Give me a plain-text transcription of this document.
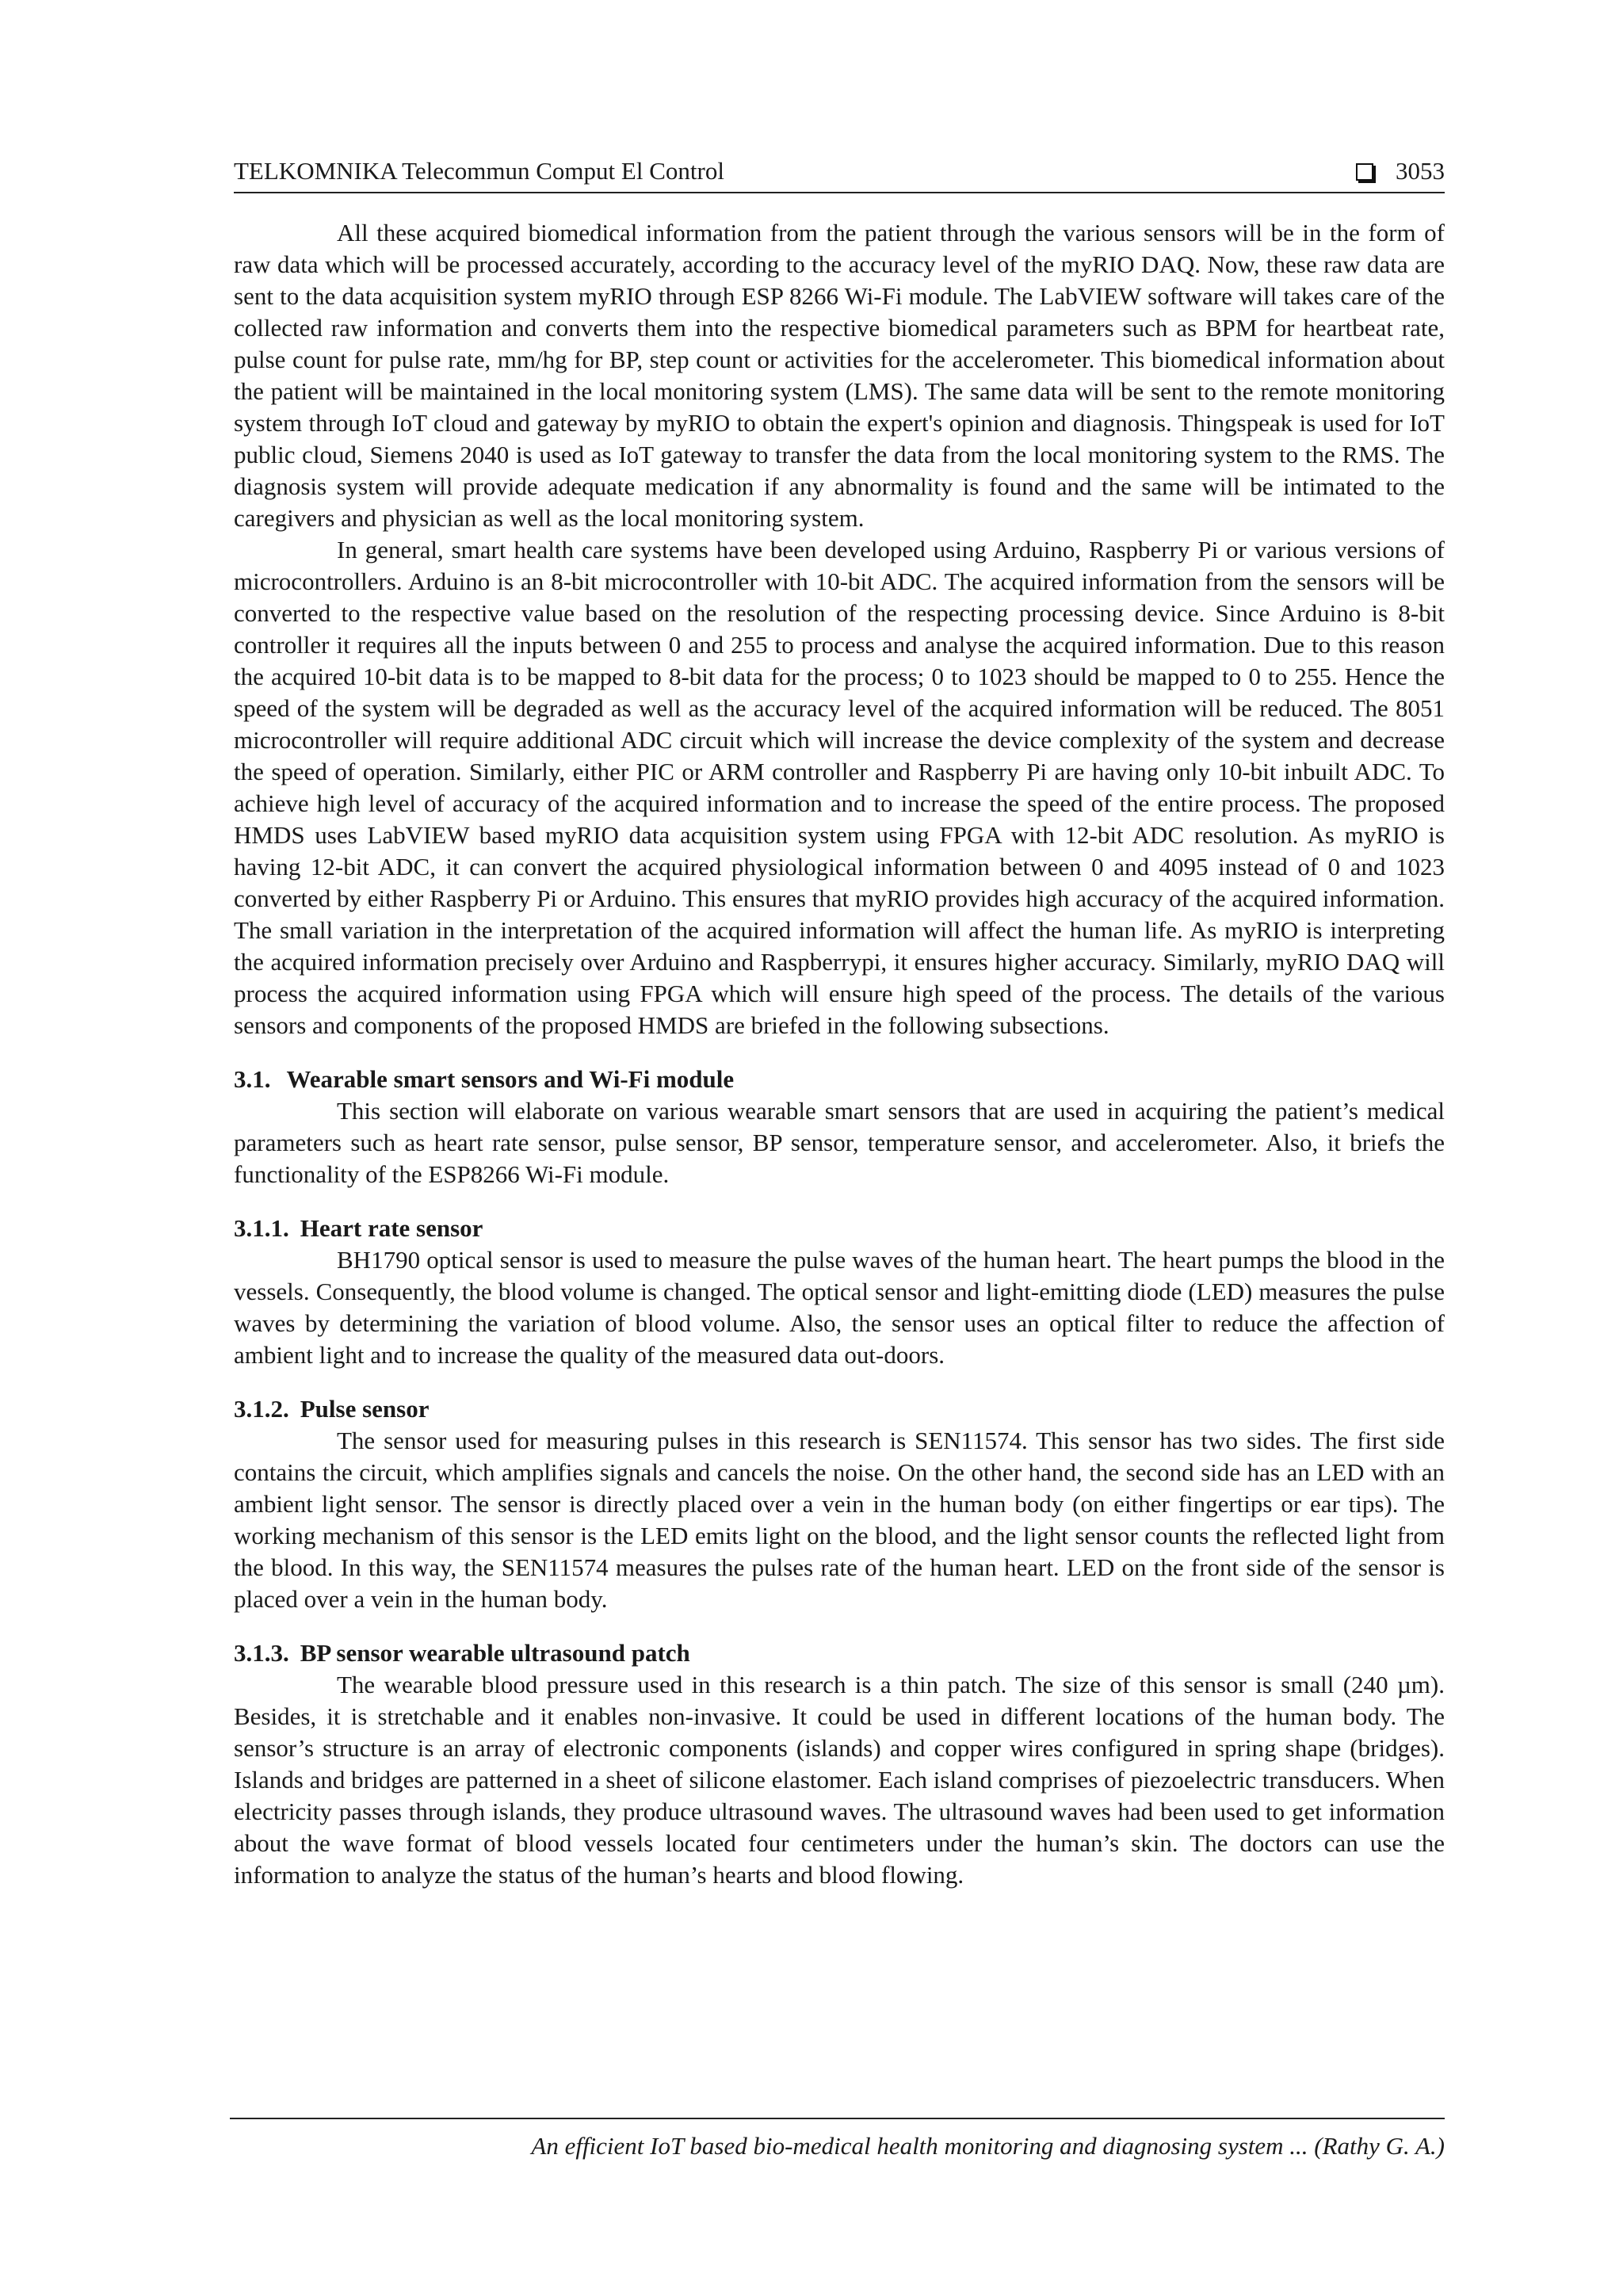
TELKOMNIKA Telecommun Comput El Control	3053

All these acquired biomedical information from the patient through the various sensors will be in the form of raw data which will be processed accurately, according to the accuracy level of the myRIO DAQ. Now, these raw data are sent to the data acquisition system myRIO through ESP 8266 Wi-Fi module. The LabVIEW software will takes care of the collected raw information and converts them into the respective biomedical parameters such as BPM for heartbeat rate, pulse count for pulse rate, mm/hg for BP, step count or activities for the accelerometer. This biomedical information about the patient will be maintained in the local monitoring system (LMS). The same data will be sent to the remote monitoring system through IoT cloud and gateway by myRIO to obtain the expert's opinion and diagnosis. Thingspeak is used for IoT public cloud, Siemens 2040 is used as IoT gateway to transfer the data from the local monitoring system to the RMS. The diagnosis system will provide adequate medication if any abnormality is found and the same will be intimated to the caregivers and physician as well as the local monitoring system.

In general, smart health care systems have been developed using Arduino, Raspberry Pi or various versions of microcontrollers. Arduino is an 8-bit microcontroller with 10-bit ADC. The acquired information from the sensors will be converted to the respective value based on the resolution of the respecting processing device. Since Arduino is 8-bit controller it requires all the inputs between 0 and 255 to process and analyse the acquired information. Due to this reason the acquired 10-bit data is to be mapped to 8-bit data for the process; 0 to 1023 should be mapped to 0 to 255. Hence the speed of the system will be degraded as well as the accuracy level of the acquired information will be reduced. The 8051 microcontroller will require additional ADC circuit which will increase the device complexity of the system and decrease the speed of operation. Similarly, either PIC or ARM controller and Raspberry Pi are having only 10-bit inbuilt ADC. To achieve high level of accuracy of the acquired information and to increase the speed of the entire process. The proposed HMDS uses LabVIEW based myRIO data acquisition system using FPGA with 12-bit ADC resolution. As myRIO is having 12-bit ADC, it can convert the acquired physiological information between 0 and 4095 instead of 0 and 1023 converted by either Raspberry Pi or Arduino. This ensures that myRIO provides high accuracy of the acquired information. The small variation in the interpretation of the acquired information will affect the human life. As myRIO is interpreting the acquired information precisely over Arduino and Raspberrypi, it ensures higher accuracy. Similarly, myRIO DAQ will process the acquired information using FPGA which will ensure high speed of the process. The details of the various sensors and components of the proposed HMDS are briefed in the following subsections.

3.1. Wearable smart sensors and Wi-Fi module

This section will elaborate on various wearable smart sensors that are used in acquiring the patient’s medical parameters such as heart rate sensor, pulse sensor, BP sensor, temperature sensor, and accelerometer. Also, it briefs the functionality of the ESP8266 Wi-Fi module.

3.1.1. Heart rate sensor

BH1790 optical sensor is used to measure the pulse waves of the human heart. The heart pumps the blood in the vessels. Consequently, the blood volume is changed. The optical sensor and light-emitting diode (LED) measures the pulse waves by determining the variation of blood volume. Also, the sensor uses an optical filter to reduce the affection of ambient light and to increase the quality of the measured data out-doors.

3.1.2. Pulse sensor

The sensor used for measuring pulses in this research is SEN11574. This sensor has two sides. The first side contains the circuit, which amplifies signals and cancels the noise. On the other hand, the second side has an LED with an ambient light sensor. The sensor is directly placed over a vein in the human body (on either fingertips or ear tips). The working mechanism of this sensor is the LED emits light on the blood, and the light sensor counts the reflected light from the blood. In this way, the SEN11574 measures the pulses rate of the human heart. LED on the front side of the sensor is placed over a vein in the human body.

3.1.3. BP sensor wearable ultrasound patch

The wearable blood pressure used in this research is a thin patch. The size of this sensor is small (240 µm). Besides, it is stretchable and it enables non-invasive. It could be used in different locations of the human body. The sensor’s structure is an array of electronic components (islands) and copper wires configured in spring shape (bridges). Islands and bridges are patterned in a sheet of silicone elastomer. Each island comprises of piezoelectric transducers. When electricity passes through islands, they produce ultrasound waves. The ultrasound waves had been used to get information about the wave format of blood vessels located four centimeters under the human’s skin. The doctors can use the information to analyze the status of the human’s hearts and blood flowing.

An efficient IoT based bio-medical health monitoring and diagnosing system ... (Rathy G. A.)
